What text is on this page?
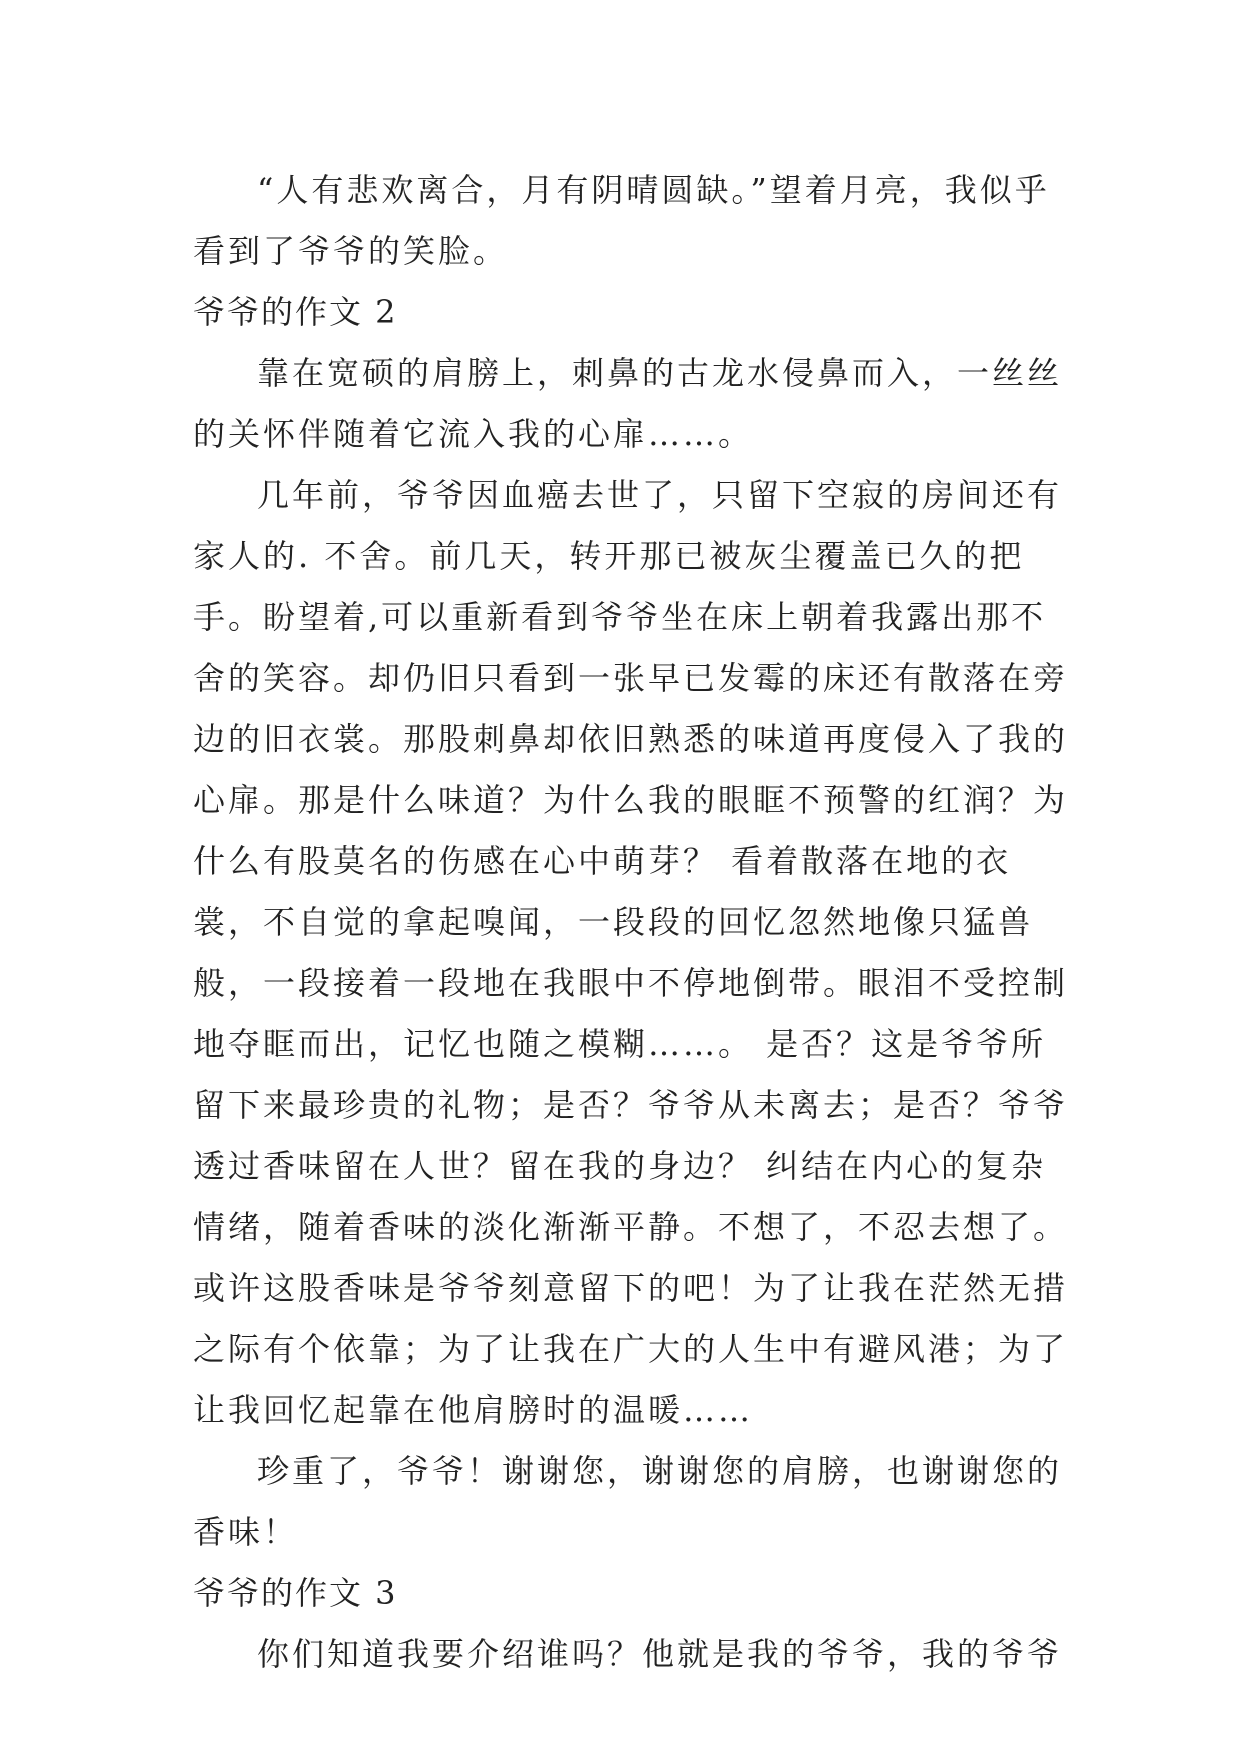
“人有悲欢离合，月有阴晴圆缺。”望着月亮，我似乎看到了爷爷的笑脸。

爷爷的作文 2

靠在宽硕的肩膀上，刺鼻的古龙水侵鼻而入，一丝丝的关怀伴随着它流入我的心扉……。

几年前，爷爷因血癌去世了，只留下空寂的房间还有家人的. 不舍。前几天，转开那已被灰尘覆盖已久的把手。盼望着,可以重新看到爷爷坐在床上朝着我露出那不舍的笑容。却仍旧只看到一张早已发霉的床还有散落在旁边的旧衣裳。那股刺鼻却依旧熟悉的味道再度侵入了我的心扉。那是什么味道？为什么我的眼眶不预警的红润？为什么有股莫名的伤感在心中萌芽？ 看着散落在地的衣裳，不自觉的拿起嗅闻，一段段的回忆忽然地像只猛兽般，一段接着一段地在我眼中不停地倒带。眼泪不受控制地夺眶而出，记忆也随之模糊……。 是否？这是爷爷所留下来最珍贵的礼物；是否？爷爷从未离去；是否？爷爷透过香味留在人世？留在我的身边？ 纠结在内心的复杂情绪，随着香味的淡化渐渐平静。不想了，不忍去想了。或许这股香味是爷爷刻意留下的吧！为了让我在茫然无措之际有个依靠；为了让我在广大的人生中有避风港；为了让我回忆起靠在他肩膀时的温暖……

珍重了，爷爷！谢谢您，谢谢您的肩膀，也谢谢您的香味！

爷爷的作文 3

你们知道我要介绍谁吗？他就是我的爷爷，我的爷爷
